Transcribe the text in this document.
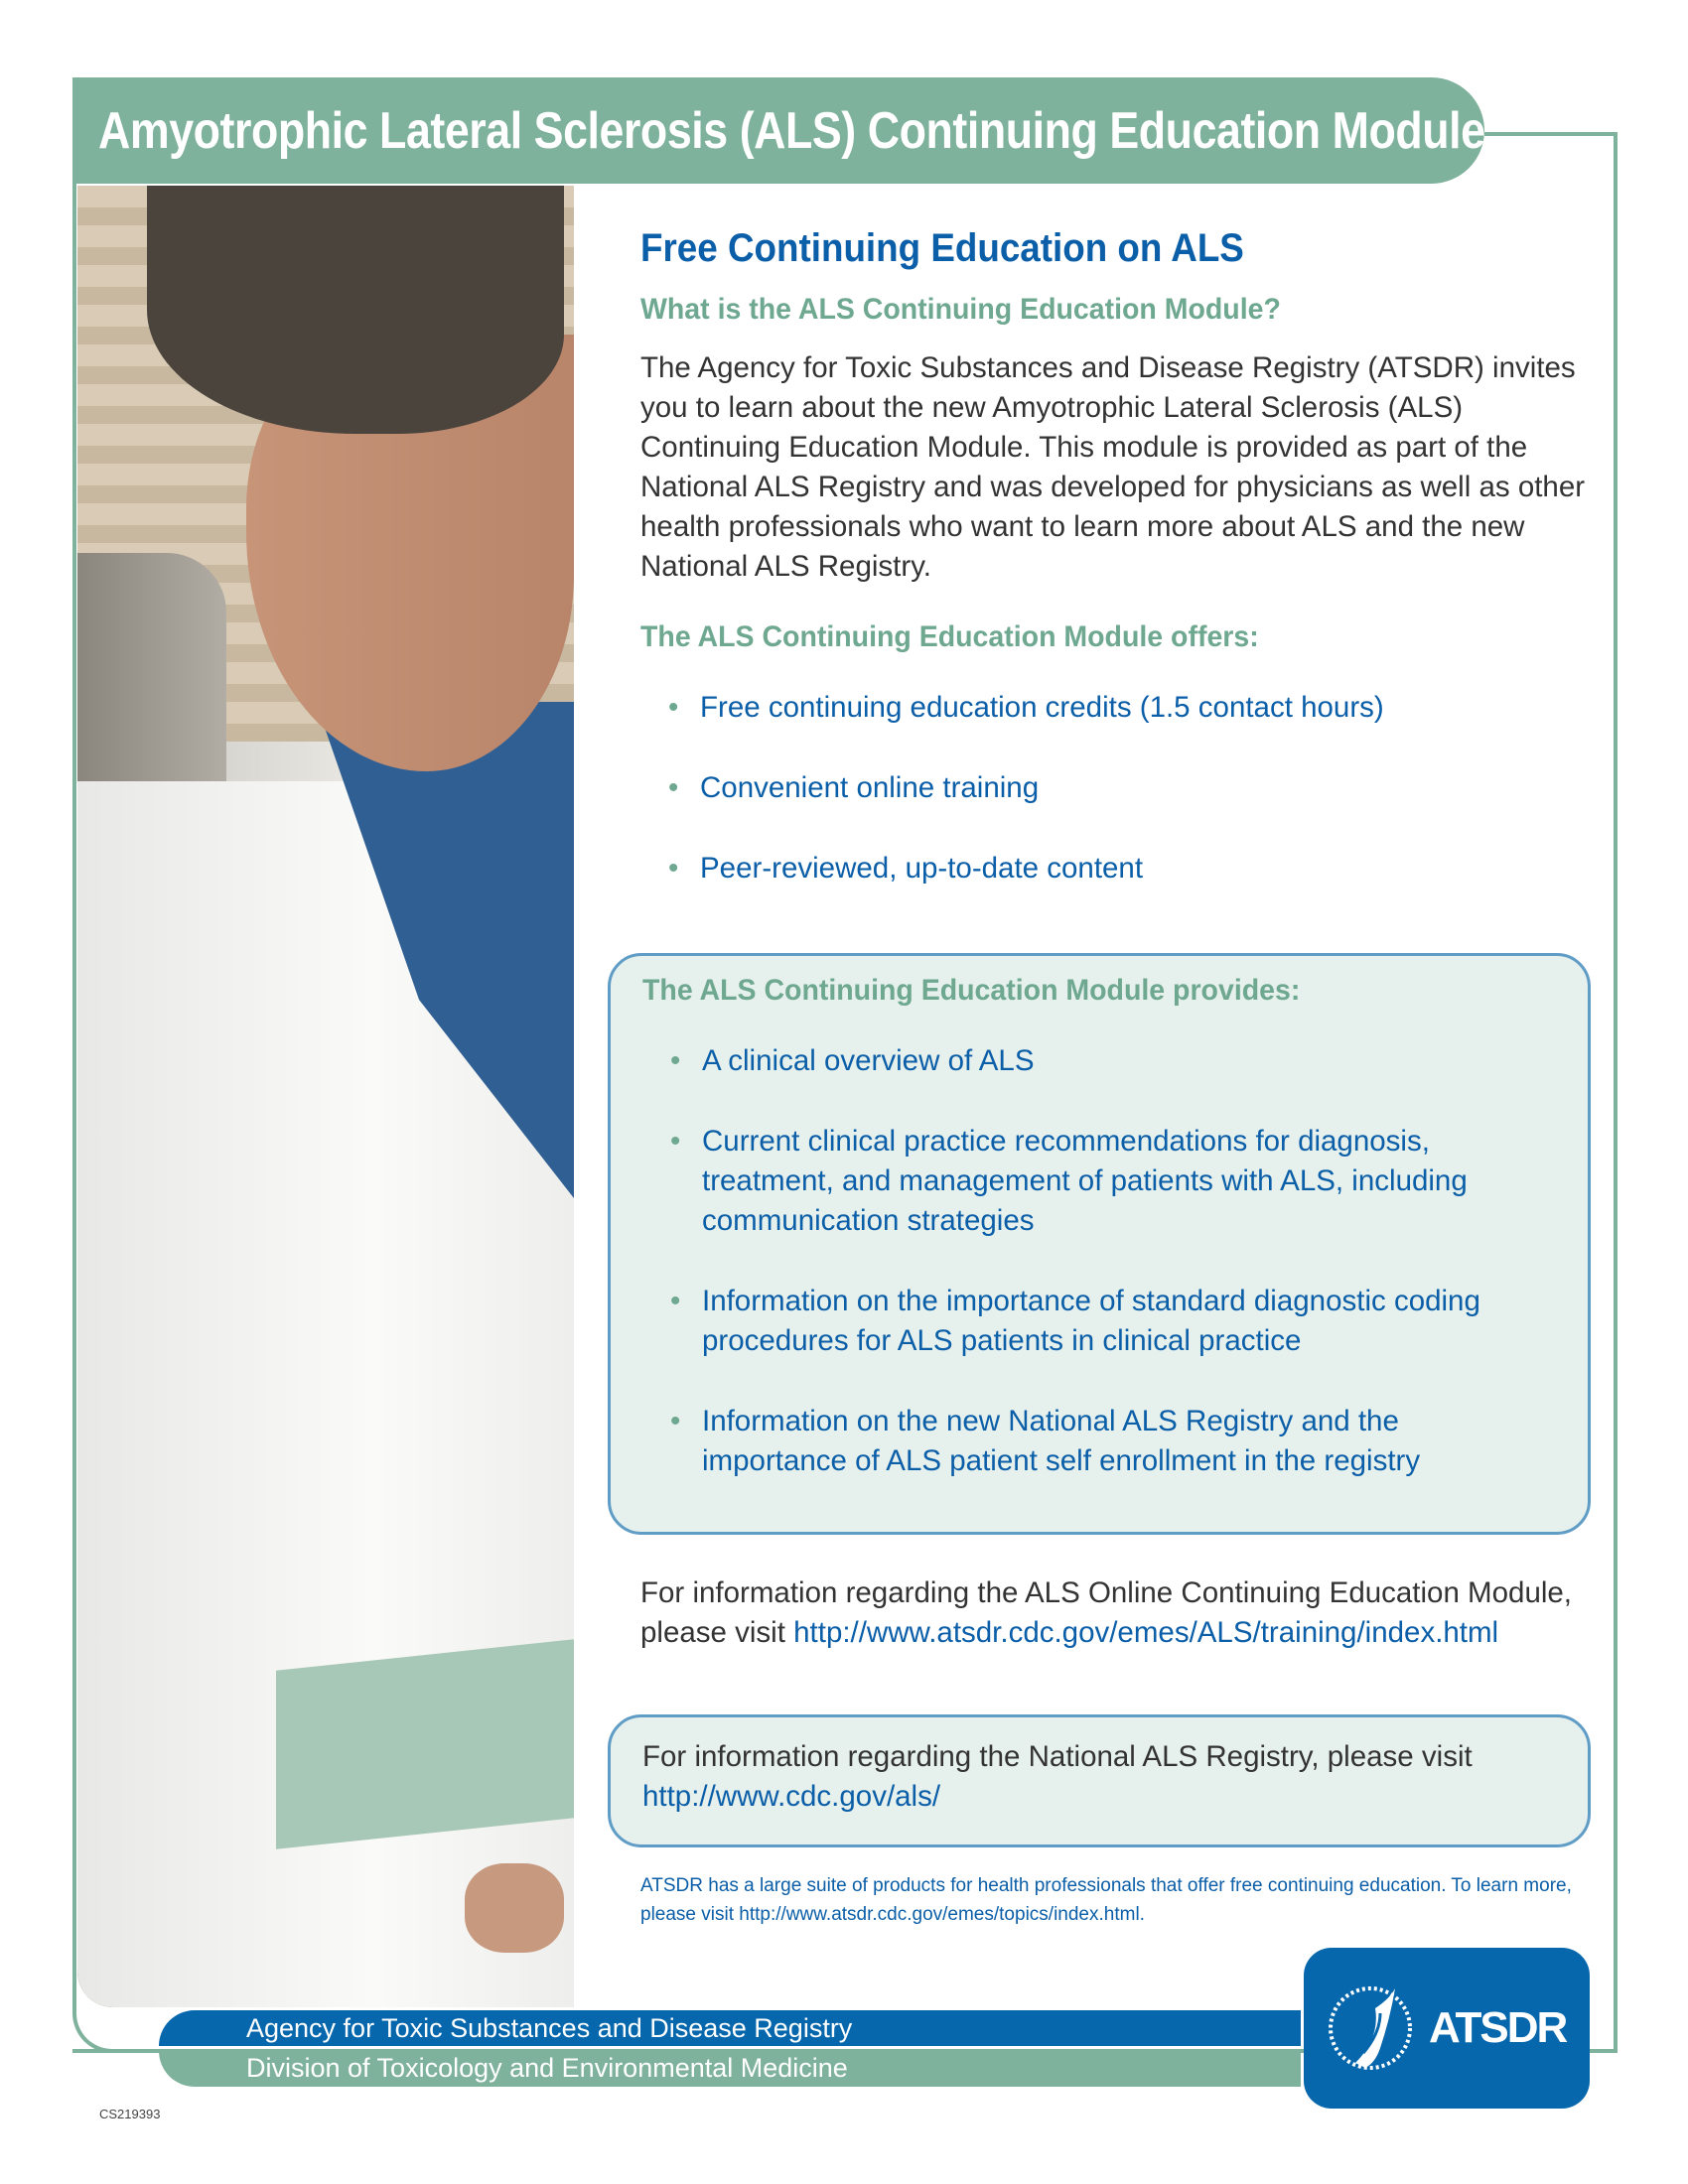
Amyotrophic Lateral Sclerosis (ALS) Continuing Education Module
Free Continuing Education on ALS
What is the ALS Continuing Education Module?
The Agency for Toxic Substances and Disease Registry (ATSDR) invites you to learn about the new Amyotrophic Lateral Sclerosis (ALS) Continuing Education Module. This module is provided as part of the National ALS Registry and was developed for physicians as well as other health professionals who want to learn more about ALS and the new National ALS Registry.
The ALS Continuing Education Module offers:
• Free continuing education credits (1.5 contact hours)
• Convenient online training
• Peer-reviewed, up-to-date content
The ALS Continuing Education Module provides:
• A clinical overview of ALS
• Current clinical practice recommendations for diagnosis, treatment, and management of patients with ALS, including communication strategies
• Information on the importance of standard diagnostic coding procedures for ALS patients in clinical practice
• Information on the new National ALS Registry and the importance of ALS patient self enrollment in the registry
For information regarding the ALS Online Continuing Education Module, please visit http://www.atsdr.cdc.gov/emes/ALS/training/index.html
For information regarding the National ALS Registry, please visit http://www.cdc.gov/als/
ATSDR has a large suite of products for health professionals that offer free continuing education. To learn more, please visit http://www.atsdr.cdc.gov/emes/topics/index.html.
Agency for Toxic Substances and Disease Registry
Division of Toxicology and Environmental Medicine
ATSDR
CS219393
